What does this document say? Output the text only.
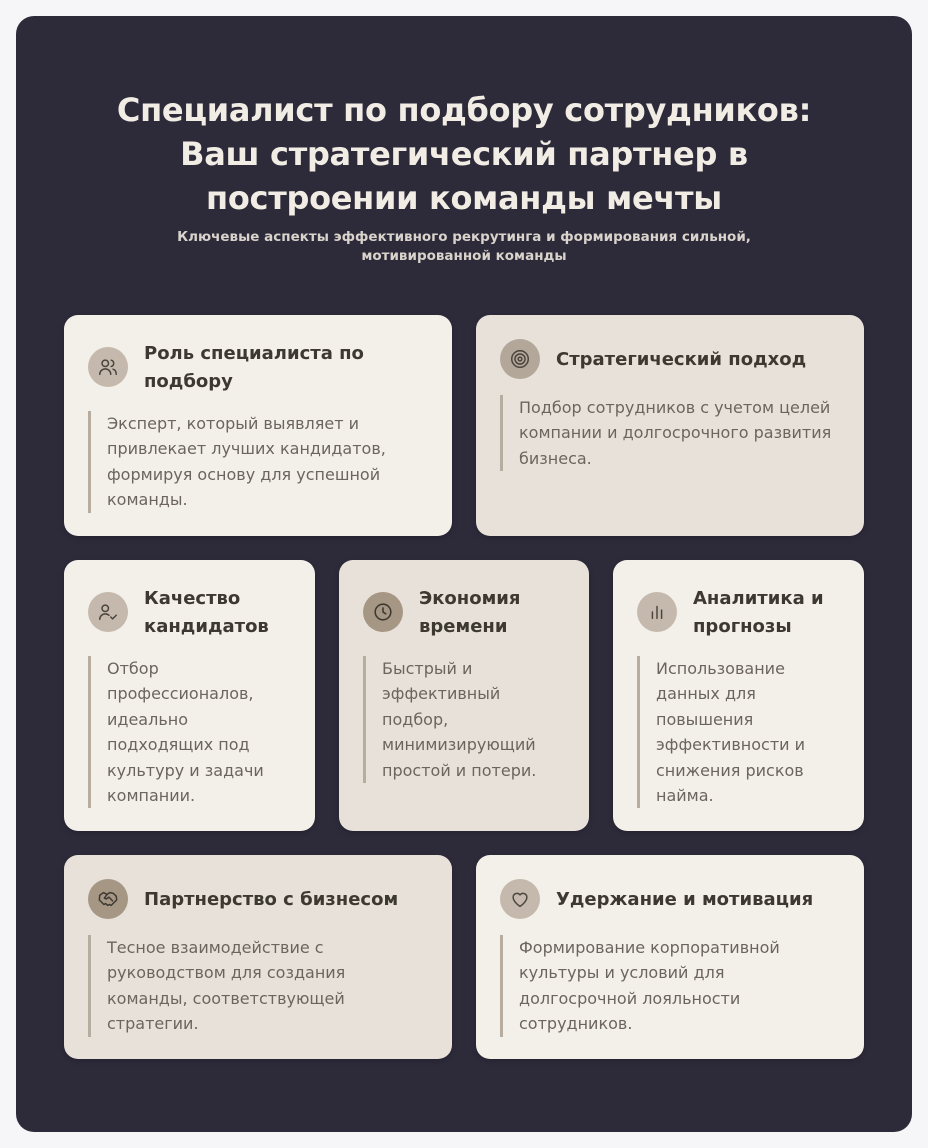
Специалист по подбору сотрудников: Ваш стратегический партнер в построении команды мечты

Ключевые аспекты эффективного рекрутинга и формирования сильной, мотивированной команды

Роль специалиста по подбору
Эксперт, который выявляет и привлекает лучших кандидатов, формируя основу для успешной команды.
Стратегический подход
Подбор сотрудников с учетом целей компании и долгосрочного развития бизнеса.
Качество кандидатов
Отбор профессионалов, идеально подходящих под культуру и задачи компании.
Экономия времени
Быстрый и эффективный подбор, минимизирующий простой и потери.
Аналитика и прогнозы
Использование данных для повышения эффективности и снижения рисков найма.
Партнерство с бизнесом
Тесное взаимодействие с руководством для создания команды, соответствующей стратегии.
Удержание и мотивация
Формирование корпоративной культуры и условий для долгосрочной лояльности сотрудников.
